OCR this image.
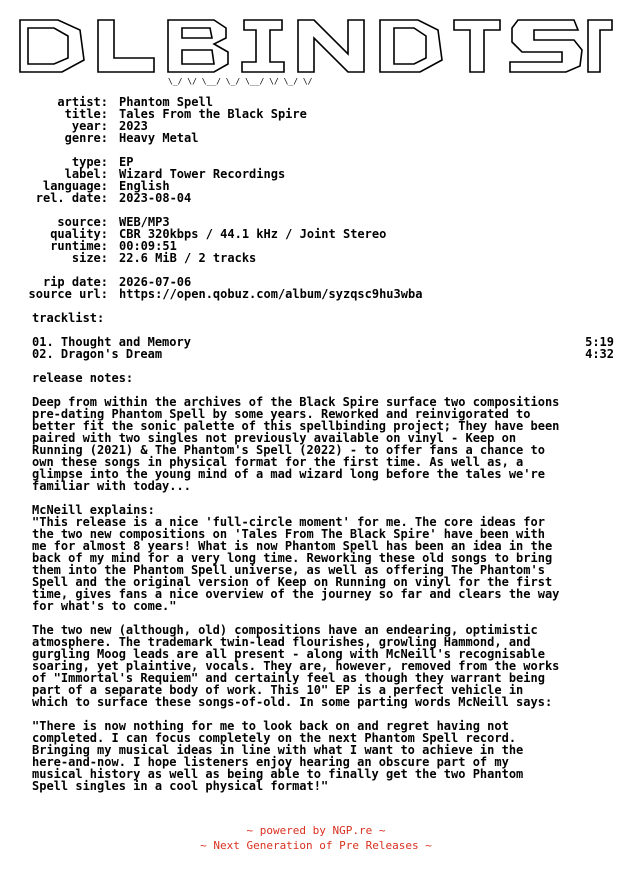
\_/ \/ \__/ \_/ \__/ \/ \_/ \/
artist: Phantom Spell
title: Tales From the Black Spire
year: 2023
genre: Heavy Metal
type: EP
label: Wizard Tower Recordings
language: English
rel. date: 2023-08-04
source: WEB/MP3
quality: CBR 320kbps / 44.1 kHz / Joint Stereo
runtime: 00:09:51
size: 22.6 MiB / 2 tracks
rip date: 2026-07-06
source url: https://open.qobuz.com/album/syzqsc9hu3wba
tracklist:
01. Thought and Memory	5:19
02. Dragon's Dream	4:32
release notes:
Deep from within the archives of the Black Spire surface two compositions
pre-dating Phantom Spell by some years. Reworked and reinvigorated to
better fit the sonic palette of this spellbinding project; They have been
paired with two singles not previously available on vinyl - Keep on
Running (2021) & The Phantom's Spell (2022) - to offer fans a chance to
own these songs in physical format for the first time. As well as, a
glimpse into the young mind of a mad wizard long before the tales we're
familiar with today...
McNeill explains:
"This release is a nice 'full-circle moment' for me. The core ideas for
the two new compositions on 'Tales From The Black Spire' have been with
me for almost 8 years! What is now Phantom Spell has been an idea in the
back of my mind for a very long time. Reworking these old songs to bring
them into the Phantom Spell universe, as well as offering The Phantom's
Spell and the original version of Keep on Running on vinyl for the first
time, gives fans a nice overview of the journey so far and clears the way
for what's to come."
The two new (although, old) compositions have an endearing, optimistic
atmosphere. The trademark twin-lead flourishes, growling Hammond, and
gurgling Moog leads are all present - along with McNeill's recognisable
soaring, yet plaintive, vocals. They are, however, removed from the works
of "Immortal's Requiem" and certainly feel as though they warrant being
part of a separate body of work. This 10" EP is a perfect vehicle in
which to surface these songs-of-old. In some parting words McNeill says:
"There is now nothing for me to look back on and regret having not
completed. I can focus completely on the next Phantom Spell record.
Bringing my musical ideas in line with what I want to achieve in the
here-and-now. I hope listeners enjoy hearing an obscure part of my
musical history as well as being able to finally get the two Phantom
Spell singles in a cool physical format!"
~ powered by NGP.re ~
~ Next Generation of Pre Releases ~
